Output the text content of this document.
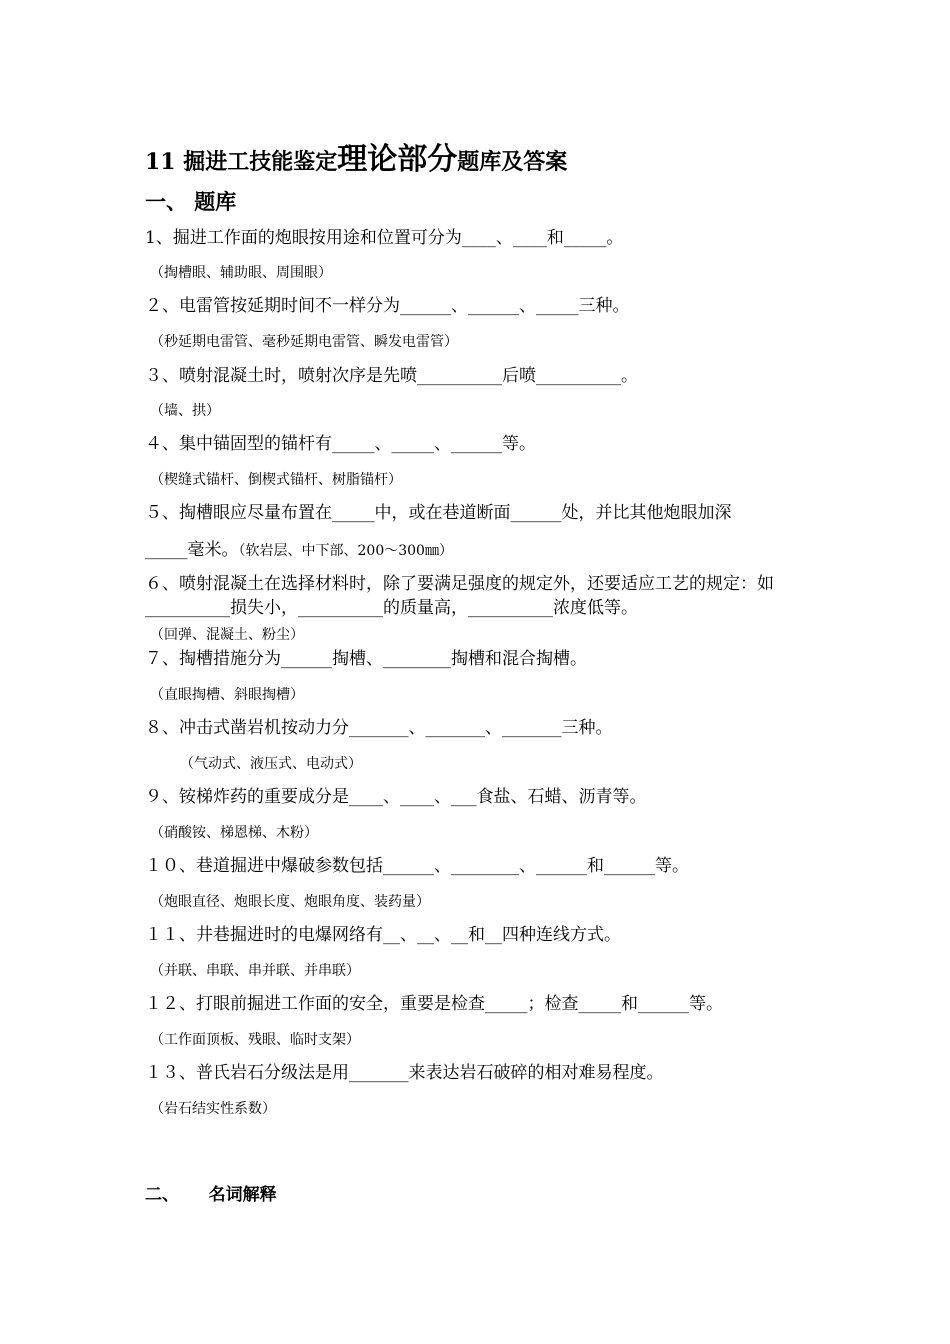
11 掘进工技能鉴定理论部分题库及答案
一、 题库
1、掘进工作面的炮眼按用途和位置可分为____、____和_____。
（掏槽眼、辅助眼、周围眼）
２、电雷管按延期时间不一样分为______、______、_____三种。
（秒延期电雷管、毫秒延期电雷管、瞬发电雷管）
３、喷射混凝土时，喷射次序是先喷__________后喷__________。
（墙、拱）
４、集中锚固型的锚杆有_____、_____、______等。
（楔缝式锚杆、倒楔式锚杆、树脂锚杆）
５、掏槽眼应尽量布置在_____中，或在巷道断面______处，并比其他炮眼加深
_____毫米。（软岩层、中下部、200～300㎜）
６、喷射混凝土在选择材料时，除了要满足强度的规定外，还要适应工艺的规定：如__________损失小，__________的质量高，__________浓度低等。
（回弹、混凝土、粉尘）
７、掏槽措施分为______掏槽、________掏槽和混合掏槽。
（直眼掏槽、斜眼掏槽）
８、冲击式凿岩机按动力分_______、_______、_______三种。
（气动式、液压式、电动式）
９、铵梯炸药的重要成分是____、____、___食盐、石蜡、沥青等。
（硝酸铵、梯恩梯、木粉）
１０、巷道掘进中爆破参数包括______、________、______和______等。
（炮眼直径、炮眼长度、炮眼角度、装药量）
１１、井巷掘进时的电爆网络有__、__、__和__四种连线方式。
（并联、串联、串并联、并串联）
１２、打眼前掘进工作面的安全，重要是检查_____；检查_____和______等。
（工作面顶板、残眼、临时支架）
１３、普氏岩石分级法是用_______来表达岩石破碎的相对难易程度。
（岩石结实性系数）
二、     名词解释
